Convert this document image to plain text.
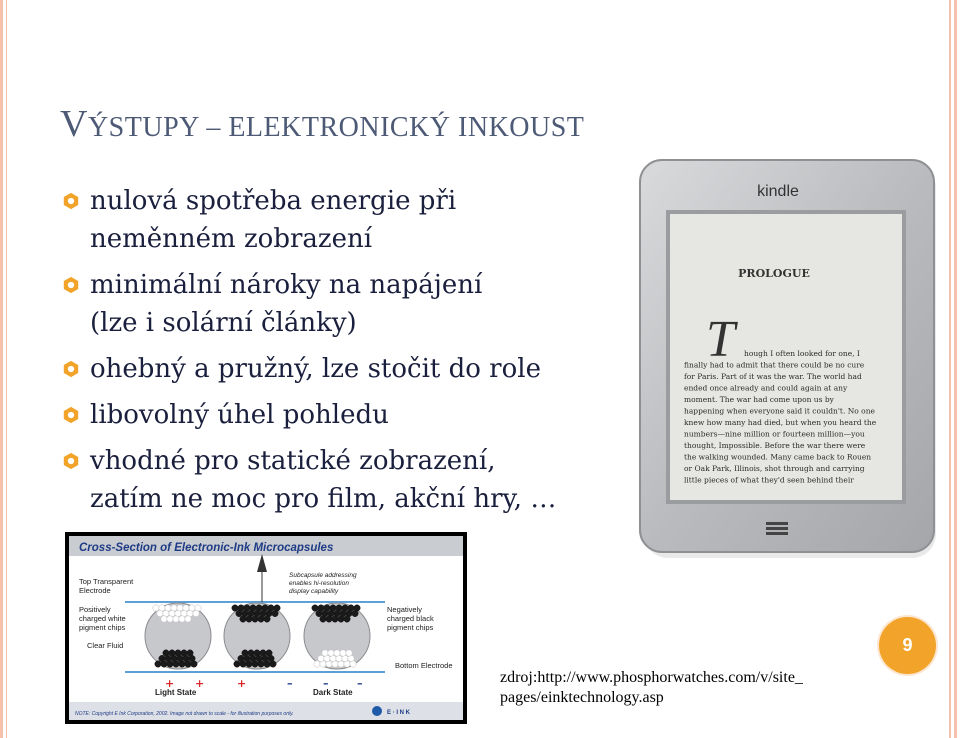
VÝSTUPY – ELEKTRONICKÝ INKOUST
nulová spotřeba energie při
neměnném zobrazení
minimální nároky na napájení
(lze i solární články)
ohebný a pružný, lze stočit do role
libovolný úhel pohledu
vhodné pro statické zobrazení,
zatím ne moc pro film, akční hry, …
kindle
PROLOGUE
T	hough I often looked for one, I
finally had to admit that there could be no cure
for Paris. Part of it was the war. The world had
ended once already and could again at any
moment. The war had come upon us by
happening when everyone said it couldn't. No one
knew how many had died, but when you heard the
numbers—nine million or fourteen million—you
thought, Impossible. Before the war there were
the walking wounded. Many came back to Rouen
or Oak Park, Illinois, shot through and carrying
little pieces of what they'd seen behind their
Cross-Section of Electronic-Ink Microcapsules
Subcapsule addressing enables hi-resolution display capability
Top Transparent Electrode
Positively charged white pigment chips
Clear Fluid
Negatively charged black pigment chips
Bottom Electrode
+ +	+	–	–	–
Light State	Dark State
NOTE: Copyright E Ink Corporation, 2002. Image not drawn to scale - for illustration purposes only.	E · I N K
zdroj:http://www.phosphorwatches.com/v/site_
pages/einktechnology.asp
9
